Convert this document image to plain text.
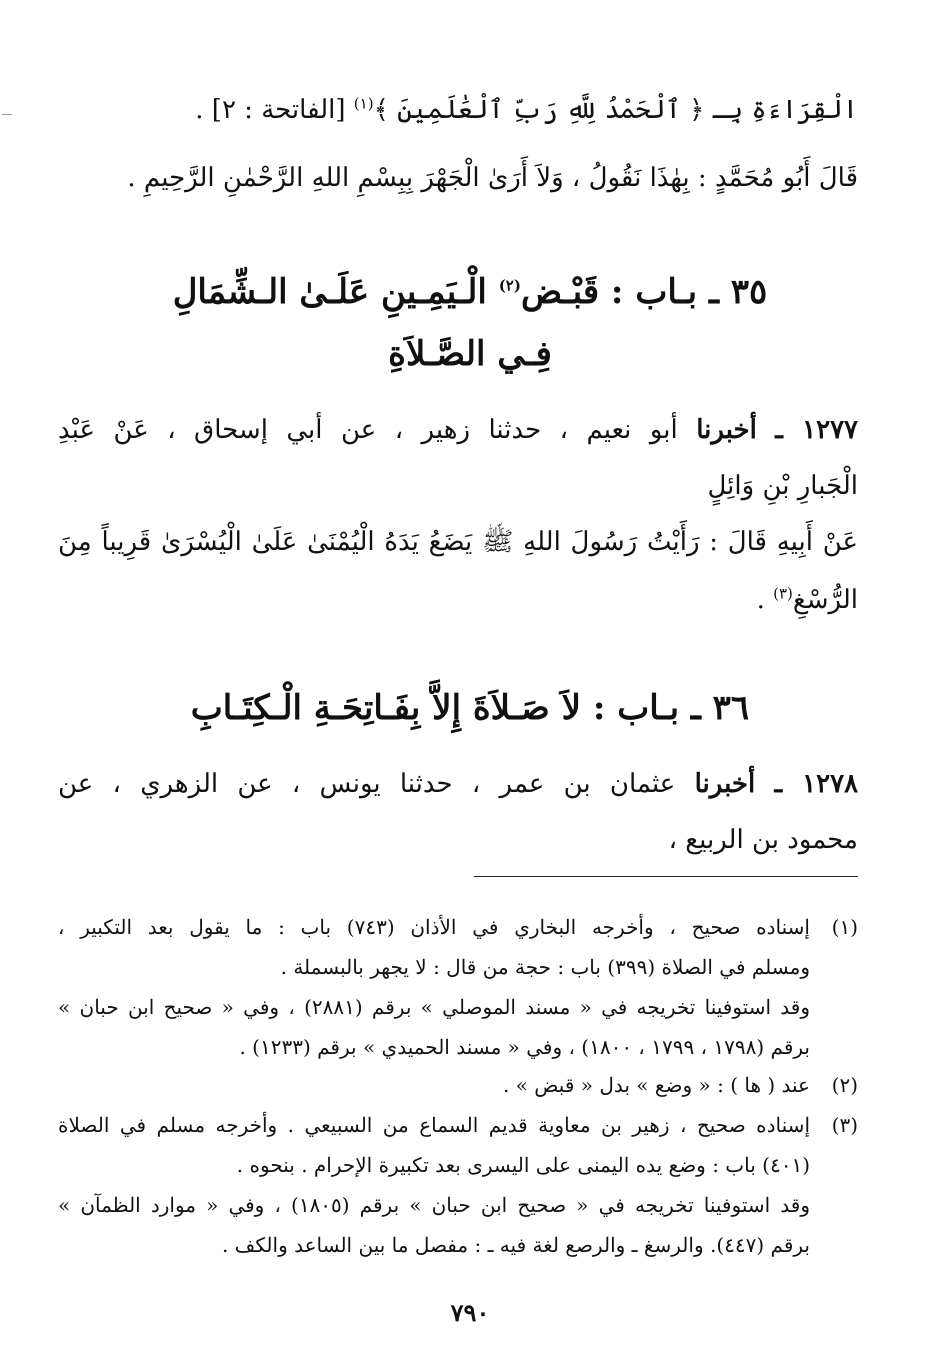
الْقِرَاءَةِ بِـ ﴿ ٱلْحَمْدُ لِلَّهِ رَبِّ ٱلْعَٰلَمِينَ ﴾$^{(١)}$ [الفاتحة : ٢] .
قَالَ أَبُو مُحَمَّدٍ : بِهٰذَا نَقُولُ ، وَلاَ أَرَىٰ الْجَهْرَ بِبِسْمِ اللهِ الرَّحْمٰنِ الرَّحِيمِ .
٣٥ ـ بـاب : قَبْـض$^{(٢)}$ الْـيَمِـينِ عَلَـىٰ الـشِّمَالِ
فِـي الصَّـلاَةِ
١٢٧٧ ـ أخبرنا أبو نعيم ، حدثنا زهير ، عن أبي إسحاق ، عَنْ عَبْدِ
الْجَبارِ بْنِ وَائِلٍ
عَنْ أَبِيهِ قَالَ : رَأَيْتُ رَسُولَ اللهِ ﷺ يَضَعُ يَدَهُ الْيُمْنَىٰ عَلَىٰ الْيُسْرَىٰ قَرِيباً مِنَ
الرُّسْغِ$^{(٣)}$ .
٣٦ ـ بـاب : لاَ صَـلاَةَ إِلاَّ بِفَـاتِحَـةِ الْـكِتَـابِ
١٢٧٨ ـ أخبرنا عثمان بن عمر ، حدثنا يونس ، عن الزهري ، عن
محمود بن الربيع ،
(١)
إسناده صحيح ، وأخرجه البخاري في الأذان (٧٤٣) باب : ما يقول بعد التكبير ،
ومسلم في الصلاة (٣٩٩) باب : حجة من قال : لا يجهر بالبسملة .
وقد استوفينا تخريجه في « مسند الموصلي » برقم (٢٨٨١) ، وفي « صحيح ابن حبان »
برقم (١٧٩٨ ، ١٧٩٩ ، ١٨٠٠) ، وفي « مسند الحميدي » برقم (١٢٣٣) .
(٢)
عند ( ها ) : « وضع » بدل « قبض » .
(٣)
إسناده صحيح ، زهير بن معاوية قديم السماع من السبيعي . وأخرجه مسلم في الصلاة
(٤٠١) باب : وضع يده اليمنى على اليسرى بعد تكبيرة الإحرام . بنحوه .
وقد استوفينا تخريجه في « صحيح ابن حبان » برقم (١٨٠٥) ، وفي « موارد الظمآن »
برقم (٤٤٧). والرسغ ـ والرصع لغة فيه ـ : مفصل ما بين الساعد والكف .
٧٩٠
